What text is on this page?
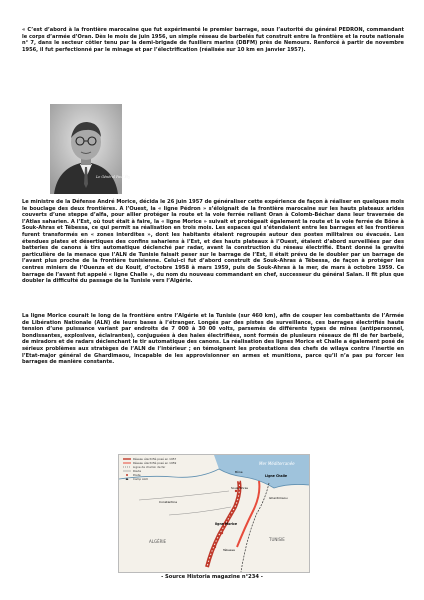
« C’est d’abord à la frontière marocaine que fut expérimenté le premier barrage, sous l’autorité du général PEDRON, commandant le corps d’armée d’Oran. Dès le mois de juin 1956, un simple réseau de barbelés fut construit entre la frontière et la route nationale n° 7, dans le secteur côtier tenu par la demi-brigade de fusiliers marins (DBFM) près de Nemours. Renforcé à partir de novembre 1956, il fut perfectionné par le minage et par l’électrification (réalisée sur 10 km en janvier 1957).

Le Général Paul Ély

Le ministre de la Défense André Morice, décida le 26 juin 1957 de généraliser cette expérience de façon à réaliser en quelques mois le bouclage des deux frontières. A l’Ouest, la « ligne Pédron » s’éloignait de la frontière marocaine sur les hauts plateaux arides couverts d’une steppe d’alfa, pour allier protéger la route et la voie ferrée reliant Oran à Colomb-Béchar dans leur traversée de l’Atlas saharien. A l’Est, où tout était à faire, la « ligne Morice » suivait et protégeait également la route et la voie ferrée de Bône à Souk-Ahras et Tébessa, ce qui permit sa réalisation en trois mois. Les espaces qui s’étendaient entre les barrages et les frontières furent transformés en « zones interdites », dont les habitants étaient regroupés autour des postes militaires ou évacués. Les étendues plates et désertiques des confins sahariens à l’Est, et des hauts plateaux à l’Ouest, étaient d’abord surveillées par des batteries de canons à tirs automatique déclenché par radar, avant la construction du réseau électrifié. Etant donné la gravité particulière de la menace que l’ALN de Tunisie faisait peser sur le barrage de l’Est, il était prévu de le doubler par un barrage de l’avant plus proche de la frontière tunisienne. Celui-ci fut d’abord construit de Souk-Ahras à Tébessa, de façon à protéger les centres miniers de l’Ouenza et du Kouif, d’octobre 1958 à mars 1959, puis de Souk-Ahras à la mer, de mars à octobre 1959. Ce barrage de l’avant fut appelé « ligne Challe », du nom du nouveau commandant en chef, successeur du général Salan. Il fit plus que doubler la difficulté du passage de la Tunisie vers l’Algérie.

La ligne Morice courait le long de la frontière entre l’Algérie et la Tunisie (sur 460 km), afin de couper les combattants de l’Armée de Libération Nationale (ALN) de leurs bases à l’étranger. Longés par des pistes de surveillance, ces barrages électrifiés haute tension d’une puissance variant par endroits de 7 000 à 30 00 volts, parsemés de différents types de mines (antipersonnel, bondissantes, explosives, éclairantes), conjuguées à des haies électrifiées, sont formés de plusieurs réseaux de fil de fer barbelé, de miradors et de radars déclenchant le tir automatique des canons. La réalisation des lignes Morice et Challe a également posé de sérieux problèmes aux stratèges de l’ALN de l’intérieur ; en témoignent les protestations des chefs de wilaya contre l’inertie en l’Etat-major général de Ghardimaou, incapable de les approvisionner en armes et munitions, parce qu’il n’a pas pu forcer les barrages de manière constante.

Réseau électrifié posé en 1957
Réseau électrifié posé en 1959
Ligne de chemin de fer
Route
Poste
Camp ALN
Mer Méditerranée
Ligne Challe
ligne Morice
Souk-Ahras
Constantine
ALGÉRIE	TUNISIE
Tébessa
Bône
Ghardimaou
- Source Historia magazine n°234 -
